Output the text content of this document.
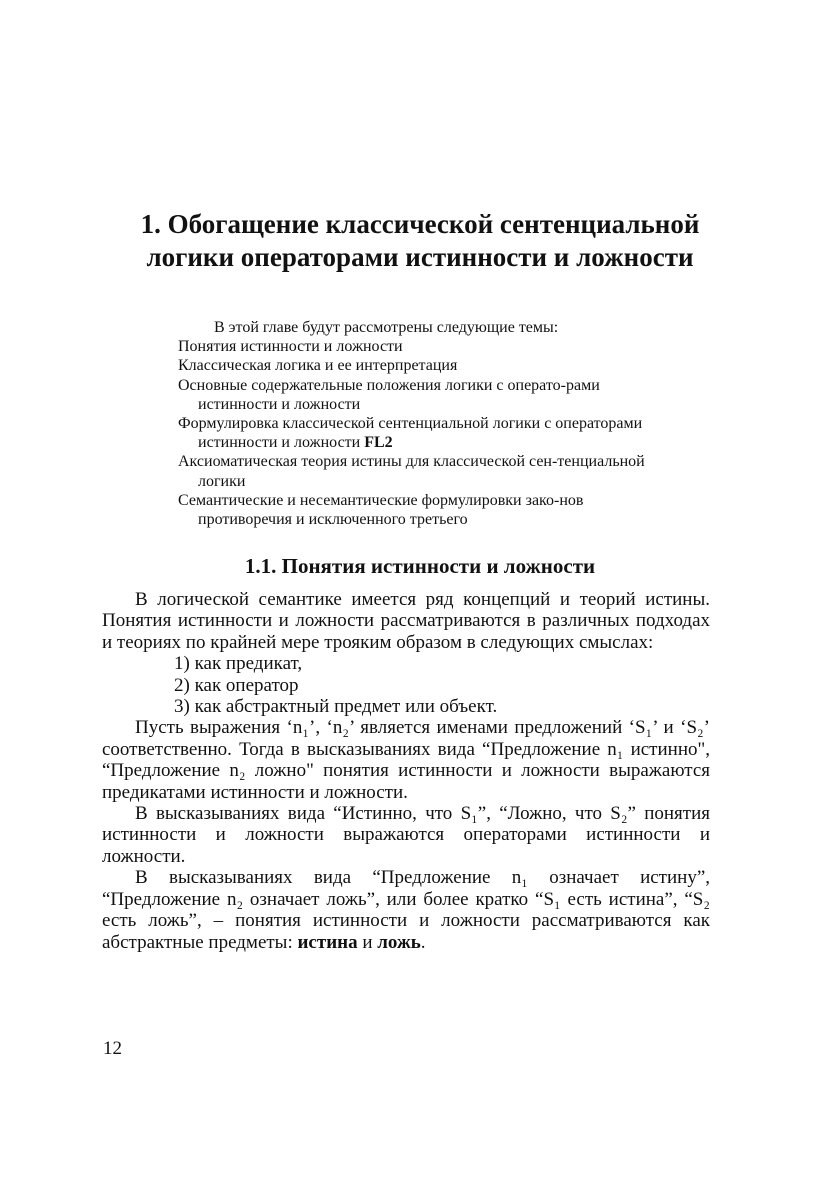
1. Обогащение классической сентенциальной
логики операторами истинности и ложности
В этой главе будут рассмотрены следующие темы:
Понятия истинности и ложности
Классическая логика и ее интерпретация
Основные содержательные положения логики с операто-рами истинности и ложности
Формулировка классической сентенциальной логики с операторами истинности и ложности FL2
Аксиоматическая теория истины для классической сен-тенциальной логики
Семантические и несемантические формулировки зако-нов противоречия и исключенного третьего
1.1. Понятия истинности и ложности

В логической семантике имеется ряд концепций и теорий истины. Понятия истинности и ложности рассматриваются в различных подходах и теориях по крайней мере трояким образом в следующих смыслах:

1) как предикат,
2) как оператор
3) как абстрактный предмет или объект.

Пусть выражения ‘n₁’, ‘n₂’ является именами предложений ‘S₁’ и ‘S₂’ соответственно. Тогда в высказываниях вида “Предложение n₁ истинно", “Предложение n₂ ложно" понятия истинности и ложности выражаются предикатами истинности и ложности.

В высказываниях вида “Истинно, что S₁”, “Ложно, что S₂” понятия истинности и ложности выражаются операторами истинности и ложности.

В высказываниях вида “Предложение n₁ означает истину”, “Предложение n₂ означает ложь”, или более кратко “S₁ есть истина”, “S₂ есть ложь”, – понятия истинности и ложности рассматриваются как абстрактные предметы: истина и ложь.

12
